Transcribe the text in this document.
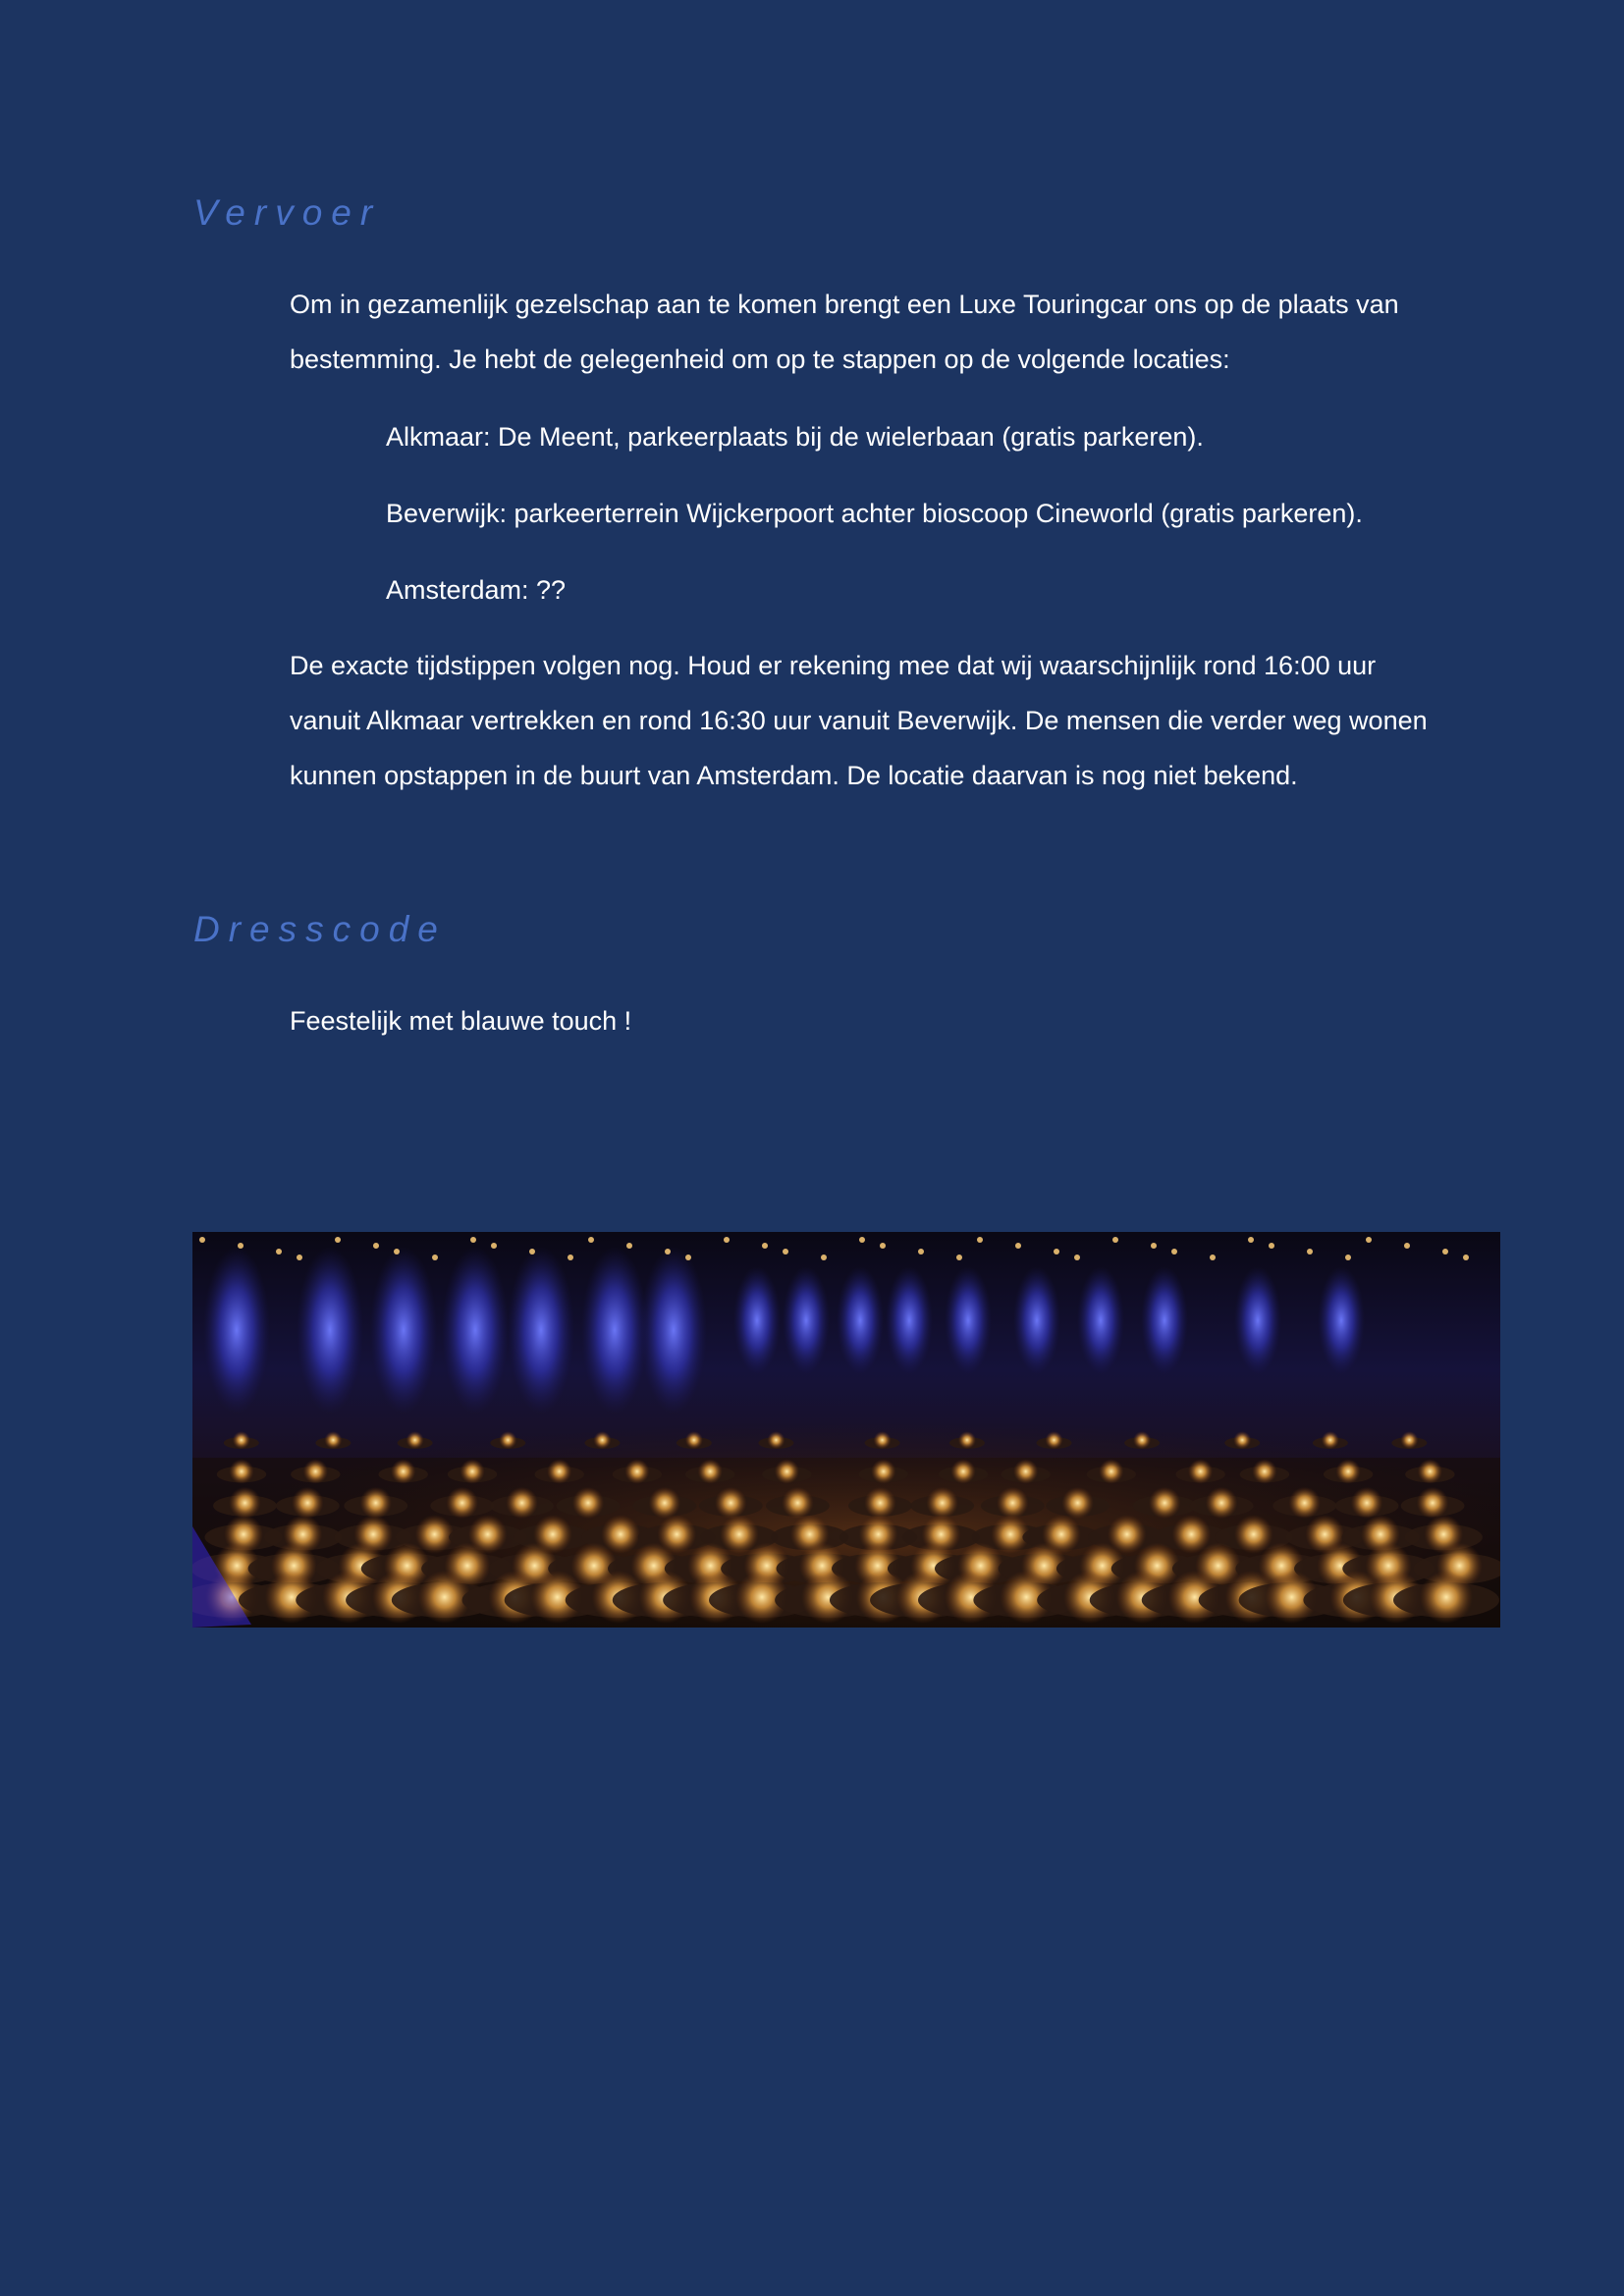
Vervoer

Om in gezamenlijk gezelschap aan te komen brengt een Luxe Touringcar ons op de plaats van bestemming. Je hebt de gelegenheid om op te stappen op de volgende locaties:

Alkmaar: De Meent, parkeerplaats bij de wielerbaan (gratis parkeren).

Beverwijk: parkeerterrein Wijckerpoort achter bioscoop Cineworld (gratis parkeren).

Amsterdam: ??

De exacte tijdstippen volgen nog. Houd er rekening mee dat wij waarschijnlijk rond 16:00 uur vanuit Alkmaar vertrekken en rond 16:30 uur vanuit Beverwijk. De mensen die verder weg wonen kunnen opstappen in de buurt van Amsterdam. De locatie daarvan is nog niet bekend.

Dresscode

Feestelijk met blauwe touch !
